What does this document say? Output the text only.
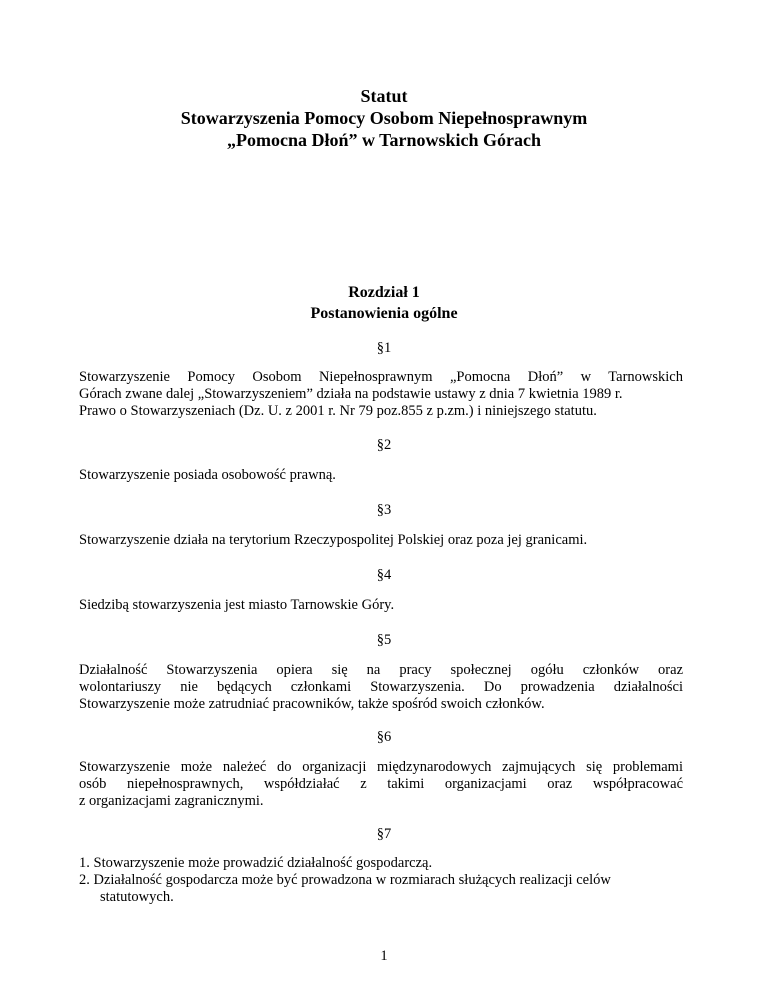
Statut
Stowarzyszenia Pomocy Osobom Niepełnosprawnym
„Pomocna Dłoń” w Tarnowskich Górach
Rozdział 1
Postanowienia ogólne
§1
Stowarzyszenie Pomocy Osobom Niepełnosprawnym „Pomocna Dłoń” w Tarnowskich
Górach zwane dalej „Stowarzyszeniem” działa na podstawie ustawy z dnia 7 kwietnia 1989 r.
Prawo o Stowarzyszeniach (Dz. U. z 2001 r. Nr 79 poz.855 z p.zm.) i niniejszego statutu.
§2
Stowarzyszenie posiada osobowość prawną.
§3
Stowarzyszenie działa na terytorium Rzeczypospolitej Polskiej oraz poza jej granicami.
§4
Siedzibą stowarzyszenia jest miasto Tarnowskie Góry.
§5
Działalność Stowarzyszenia opiera się na pracy społecznej ogółu członków oraz
wolontariuszy nie będących członkami Stowarzyszenia. Do prowadzenia działalności
Stowarzyszenie może zatrudniać pracowników, także spośród swoich członków.
§6
Stowarzyszenie może należeć do organizacji międzynarodowych zajmujących się problemami
osób niepełnosprawnych, współdziałać z takimi organizacjami oraz współpracować
z organizacjami zagranicznymi.
§7
1. Stowarzyszenie może prowadzić działalność gospodarczą.
2. Działalność gospodarcza może być prowadzona w rozmiarach służących realizacji celów
statutowych.
1
